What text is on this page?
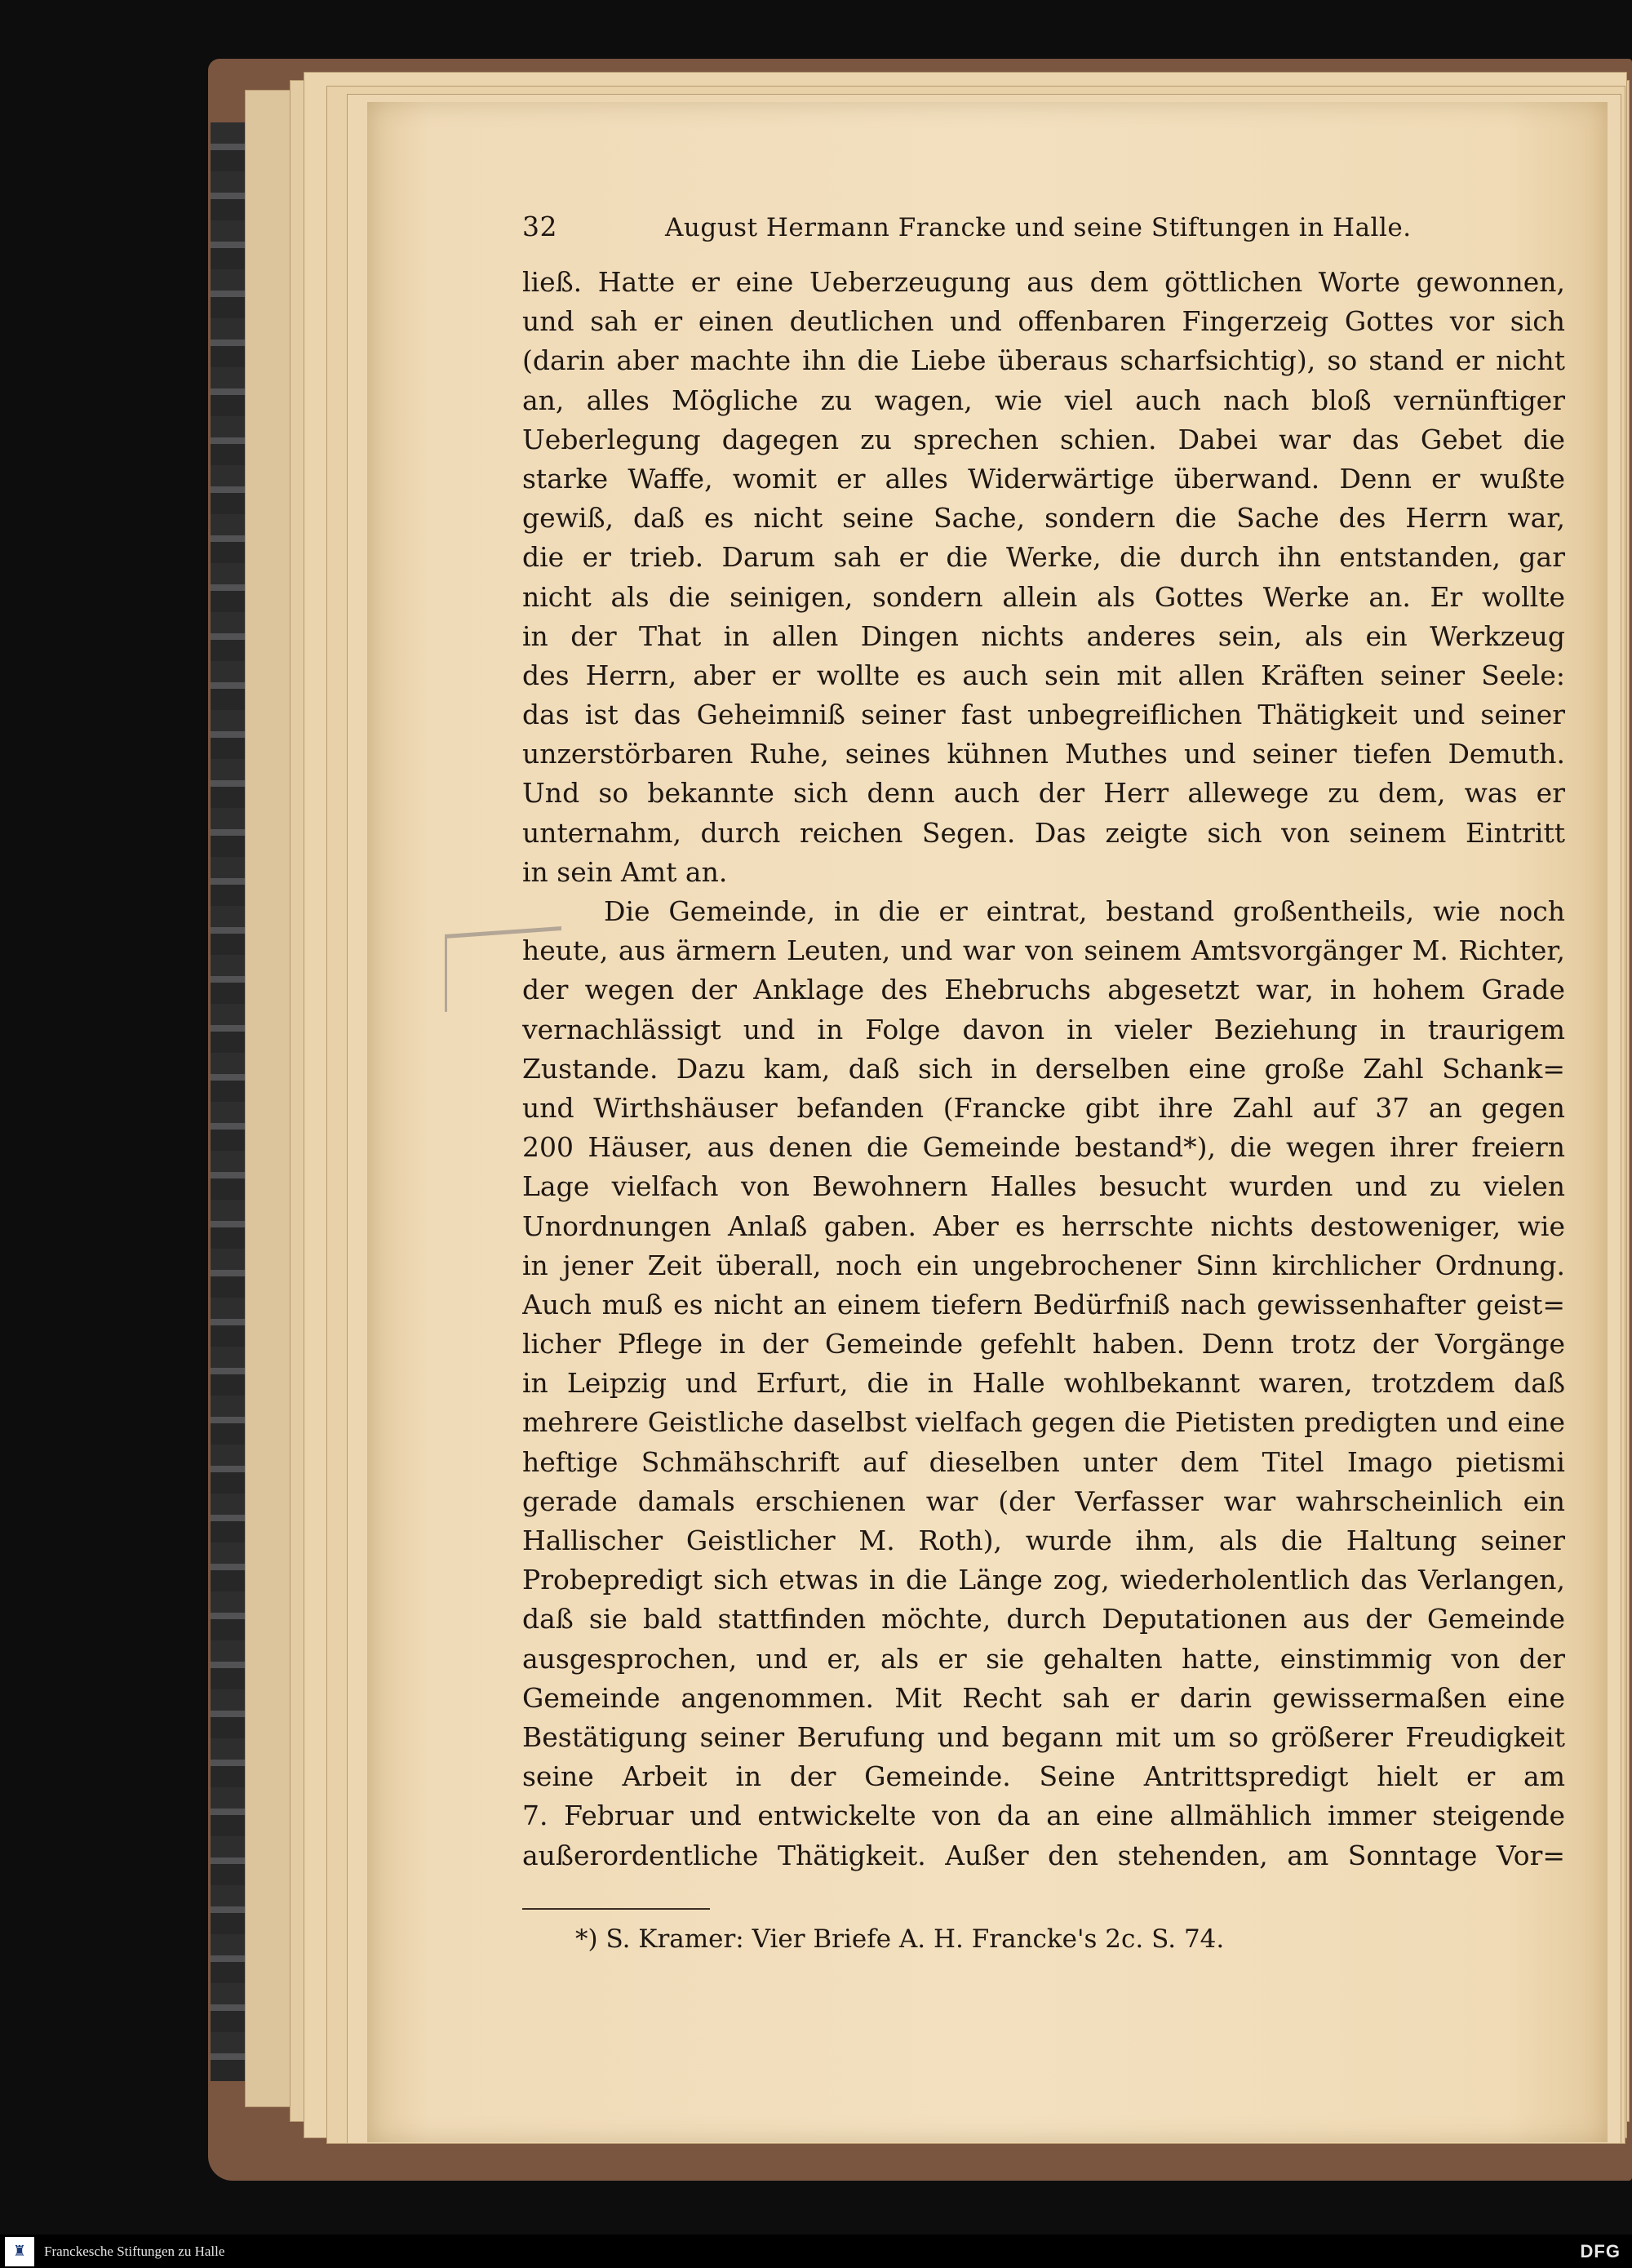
32	August Hermann Francke und seine Stiftungen in Halle.
ließ. Hatte er eine Ueberzeugung aus dem göttlichen Worte gewonnen,
und sah er einen deutlichen und offenbaren Fingerzeig Gottes vor sich
(darin aber machte ihn die Liebe überaus scharfsichtig), so stand er nicht
an, alles Mögliche zu wagen, wie viel auch nach bloß vernünftiger
Ueberlegung dagegen zu sprechen schien. Dabei war das Gebet die
starke Waffe, womit er alles Widerwärtige überwand. Denn er wußte
gewiß, daß es nicht seine Sache, sondern die Sache des Herrn war,
die er trieb. Darum sah er die Werke, die durch ihn entstanden, gar
nicht als die seinigen, sondern allein als Gottes Werke an. Er wollte
in der That in allen Dingen nichts anderes sein, als ein Werkzeug
des Herrn, aber er wollte es auch sein mit allen Kräften seiner Seele:
das ist das Geheimniß seiner fast unbegreiflichen Thätigkeit und seiner
unzerstörbaren Ruhe, seines kühnen Muthes und seiner tiefen Demuth.
Und so bekannte sich denn auch der Herr allewege zu dem, was er
unternahm, durch reichen Segen. Das zeigte sich von seinem Eintritt
in sein Amt an.
Die Gemeinde, in die er eintrat, bestand großentheils, wie noch
heute, aus ärmern Leuten, und war von seinem Amtsvorgänger M. Richter,
der wegen der Anklage des Ehebruchs abgesetzt war, in hohem Grade
vernachlässigt und in Folge davon in vieler Beziehung in traurigem
Zustande. Dazu kam, daß sich in derselben eine große Zahl Schank=
und Wirthshäuser befanden (Francke gibt ihre Zahl auf 37 an gegen
200 Häuser, aus denen die Gemeinde bestand*), die wegen ihrer freiern
Lage vielfach von Bewohnern Halles besucht wurden und zu vielen
Unordnungen Anlaß gaben. Aber es herrschte nichts destoweniger, wie
in jener Zeit überall, noch ein ungebrochener Sinn kirchlicher Ordnung.
Auch muß es nicht an einem tiefern Bedürfniß nach gewissenhafter geist=
licher Pflege in der Gemeinde gefehlt haben. Denn trotz der Vorgänge
in Leipzig und Erfurt, die in Halle wohlbekannt waren, trotzdem daß
mehrere Geistliche daselbst vielfach gegen die Pietisten predigten und eine
heftige Schmähschrift auf dieselben unter dem Titel Imago pietismi
gerade damals erschienen war (der Verfasser war wahrscheinlich ein
Hallischer Geistlicher M. Roth), wurde ihm, als die Haltung seiner
Probepredigt sich etwas in die Länge zog, wiederholentlich das Verlangen,
daß sie bald stattfinden möchte, durch Deputationen aus der Gemeinde
ausgesprochen, und er, als er sie gehalten hatte, einstimmig von der
Gemeinde angenommen. Mit Recht sah er darin gewissermaßen eine
Bestätigung seiner Berufung und begann mit um so größerer Freudigkeit
seine Arbeit in der Gemeinde. Seine Antrittspredigt hielt er am
7. Februar und entwickelte von da an eine allmählich immer steigende
außerordentliche Thätigkeit. Außer den stehenden, am Sonntage Vor=
*) S. Kramer: Vier Briefe A. H. Francke's 2c. S. 74.
♜	Franckesche Stiftungen zu Halle	DFG
